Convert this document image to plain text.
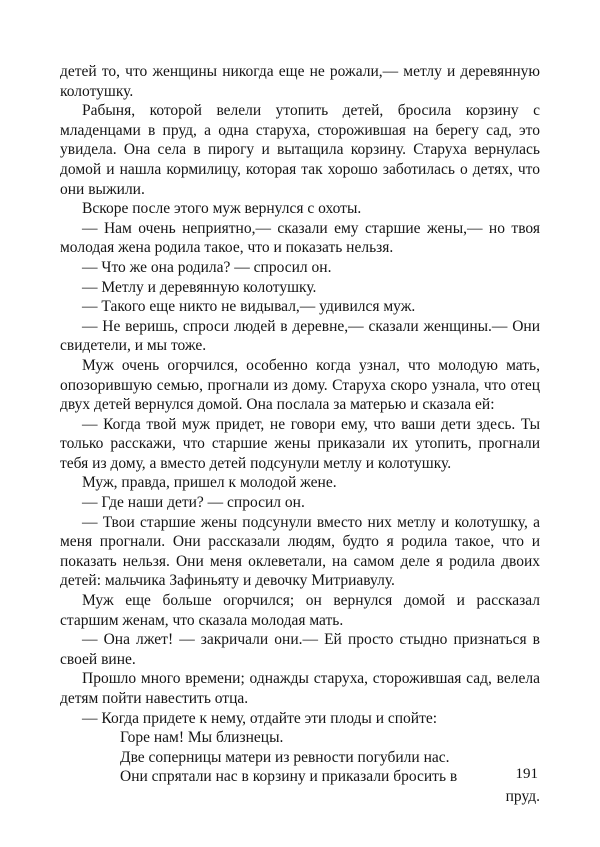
детей то, что женщины никогда еще не рожали,— метлу и деревянную колотушку.

Рабыня, которой велели утопить детей, бросила корзину с младенцами в пруд, а одна старуха, сторожившая на берегу сад, это увидела. Она села в пирогу и вытащила корзину. Старуха вернулась домой и нашла кормилицу, которая так хорошо заботилась о детях, что они выжили.

Вскоре после этого муж вернулся с охоты.

— Нам очень неприятно,— сказали ему старшие жены,— но твоя молодая жена родила такое, что и показать нельзя.

— Что же она родила? — спросил он.

— Метлу и деревянную колотушку.

— Такого еще никто не видывал,— удивился муж.

— Не веришь, спроси людей в деревне,— сказали женщины.— Они свидетели, и мы тоже.

Муж очень огорчился, особенно когда узнал, что молодую мать, опозорившую семью, прогнали из дому. Старуха скоро узнала, что отец двух детей вернулся домой. Она послала за матерью и сказала ей:

— Когда твой муж придет, не говори ему, что ваши дети здесь. Ты только расскажи, что старшие жены приказали их утопить, прогнали тебя из дому, а вместо детей подсунули метлу и колотушку.

Муж, правда, пришел к молодой жене.

— Где наши дети? — спросил он.

— Твои старшие жены подсунули вместо них метлу и колотушку, а меня прогнали. Они рассказали людям, будто я родила такое, что и показать нельзя. Они меня оклеветали, на самом деле я родила двоих детей: мальчика Зафиньяту и девочку Митриавулу.

Муж еще больше огорчился; он вернулся домой и рассказал старшим женам, что сказала молодая мать.

— Она лжет! — закричали они.— Ей просто стыдно признаться в своей вине.

Прошло много времени; однажды старуха, сторожившая сад, велела детям пойти навестить отца.

— Когда придете к нему, отдайте эти плоды и спойте:

Горе нам! Мы близнецы.
Две соперницы матери из ревности погубили нас.
Они спрятали нас в корзину и приказали бросить в
пруд.
191
